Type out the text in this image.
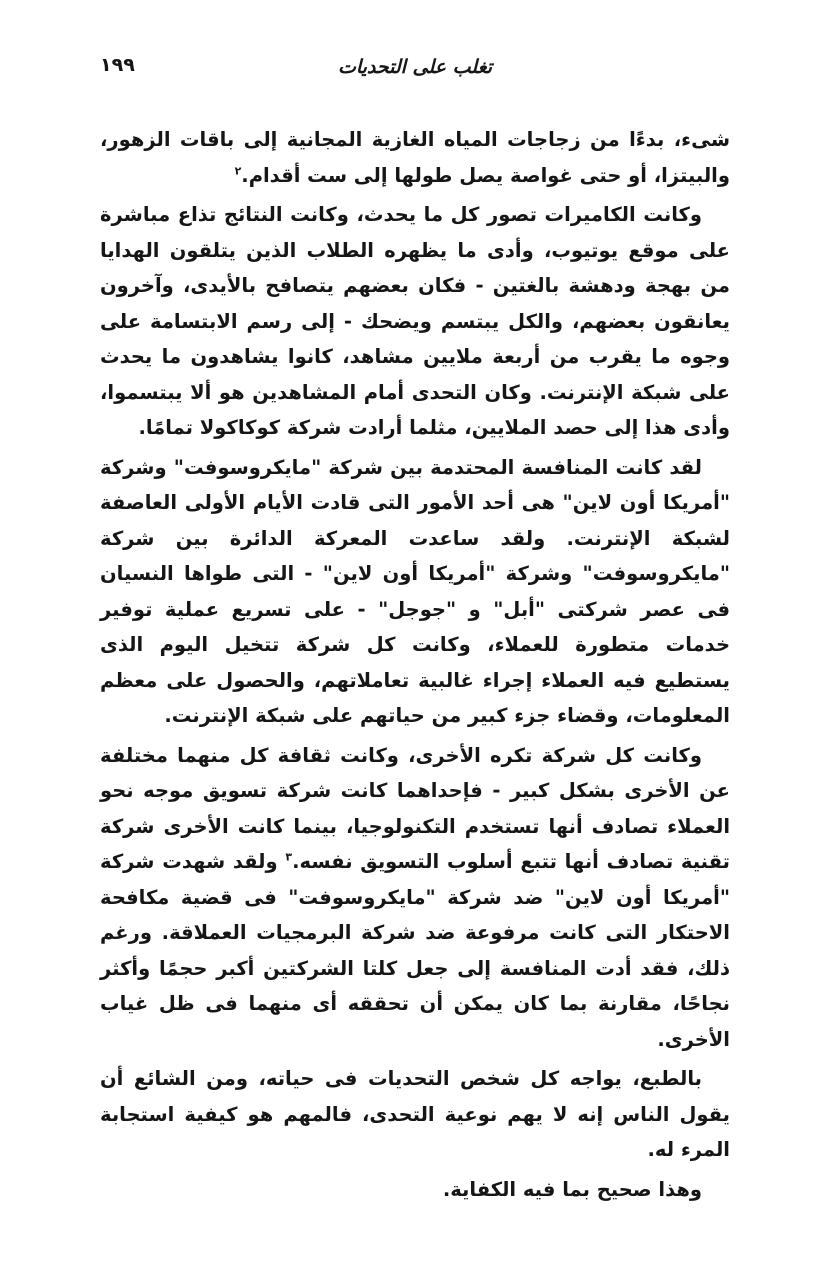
١٩٩	تغلب على التحديات

شىء، بدءًا من زجاجات المياه الغازية المجانية إلى باقات الزهور، والبيتزا، أو حتى غواصة يصل طولها إلى ست أقدام.$^٢$

وكانت الكاميرات تصور كل ما يحدث، وكانت النتائج تذاع مباشرة على موقع يوتيوب، وأدى ما يظهره الطلاب الذين يتلقون الهدايا من بهجة ودهشة بالغتين - فكان بعضهم يتصافح بالأيدى، وآخرون يعانقون بعضهم، والكل يبتسم ويضحك - إلى رسم الابتسامة على وجوه ما يقرب من أربعة ملايين مشاهد، كانوا يشاهدون ما يحدث على شبكة الإنترنت. وكان التحدى أمام المشاهدين هو ألا يبتسموا، وأدى هذا إلى حصد الملايين، مثلما أرادت شركة كوكاكولا تمامًا.

لقد كانت المنافسة المحتدمة بين شركة "مايكروسوفت" وشركة "أمريكا أون لاين" هى أحد الأمور التى قادت الأيام الأولى العاصفة لشبكة الإنترنت. ولقد ساعدت المعركة الدائرة بين شركة "مايكروسوفت" وشركة "أمريكا أون لاين" - التى طواها النسيان فى عصر شركتى "أبل" و "جوجل" - على تسريع عملية توفير خدمات متطورة للعملاء، وكانت كل شركة تتخيل اليوم الذى يستطيع فيه العملاء إجراء غالبية تعاملاتهم، والحصول على معظم المعلومات، وقضاء جزء كبير من حياتهم على شبكة الإنترنت.

وكانت كل شركة تكره الأخرى، وكانت ثقافة كل منهما مختلفة عن الأخرى بشكل كبير - فإحداهما كانت شركة تسويق موجه نحو العملاء تصادف أنها تستخدم التكنولوجيا، بينما كانت الأخرى شركة تقنية تصادف أنها تتبع أسلوب التسويق نفسه.$^٣$ ولقد شهدت شركة "أمريكا أون لاين" ضد شركة "مايكروسوفت" فى قضية مكافحة الاحتكار التى كانت مرفوعة ضد شركة البرمجيات العملاقة. ورغم ذلك، فقد أدت المنافسة إلى جعل كلتا الشركتين أكبر حجمًا وأكثر نجاحًا، مقارنة بما كان يمكن أن تحققه أى منهما فى ظل غياب الأخرى.

بالطبع، يواجه كل شخص التحديات فى حياته، ومن الشائع أن يقول الناس إنه لا يهم نوعية التحدى، فالمهم هو كيفية استجابة المرء له.

وهذا صحيح بما فيه الكفاية.
